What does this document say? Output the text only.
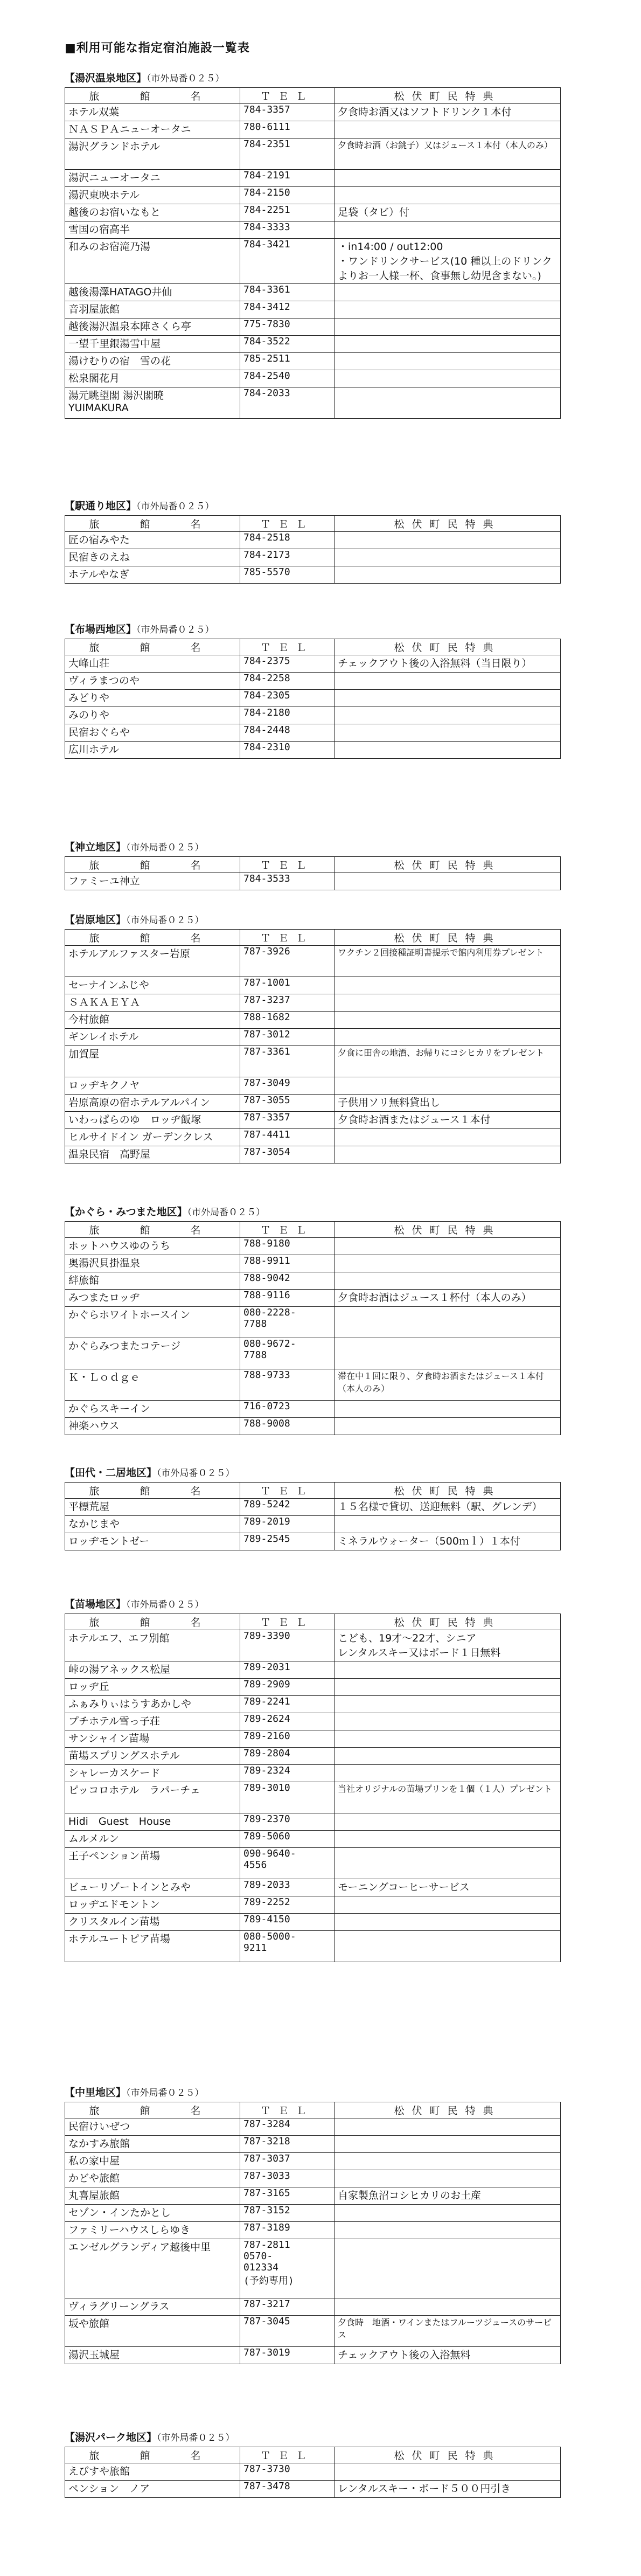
■利用可能な指定宿泊施設一覧表
【湯沢温泉地区】（市外局番０２５）
旅　館　名	ＴＥＬ	松伏町民特典
ホテル双葉	784-3357	夕食時お酒又はソフトドリンク１本付
ＮＡＳＰＡニューオータニ	780-6111	
湯沢グランドホテル	784-2351	夕食時お酒（お銚子）又はジュース１本付（本人のみ）
湯沢ニューオータニ	784-2191	
湯沢東映ホテル	784-2150	
越後のお宿いなもと	784-2251	足袋（タビ）付
雪国の宿高半	784-3333	
和みのお宿滝乃湯	784-3421	・in14:00 / out12:00
・ワンドリンクサービス(10 種以上のドリンクよりお一人様一杯、食事無し幼児含まない。)
越後湯澤HATAGO井仙	784-3361	
音羽屋旅館	784-3412	
越後湯沢温泉本陣さくら亭	775-7830	
一望千里銀湯雪中屋	784-3522	
湯けむりの宿　雪の花	785-2511	
松泉閣花月	784-2540	
湯元眺望閣 湯沢閣暁
YUIMAKURA	784-2033	
【駅通り地区】（市外局番０２５）
旅　館　名	ＴＥＬ	松伏町民特典
匠の宿みやた	784-2518	
民宿きのえね	784-2173	
ホテルやなぎ	785-5570	
【布場西地区】（市外局番０２５）
旅　館　名	ＴＥＬ	松伏町民特典
大峰山荘	784-2375	チェックアウト後の入浴無料（当日限り）
ヴィラまつのや	784-2258	
みどりや	784-2305	
みのりや	784-2180	
民宿おぐらや	784-2448	
広川ホテル	784-2310	
【神立地区】（市外局番０２５）
旅　館　名	ＴＥＬ	松伏町民特典
ファミーユ神立	784-3533	
【岩原地区】（市外局番０２５）
旅　館　名	ＴＥＬ	松伏町民特典
ホテルアルファスター岩原	787-3926	ワクチン２回接種証明書提示で館内利用券プレゼント
セーナインふじや	787-1001	
ＳＡＫＡＥＹＡ	787-3237	
今村旅館	788-1682	
ギンレイホテル	787-3012	
加賀屋	787-3361	夕食に田舎の地酒、お帰りにコシヒカリをプレゼント
ロッヂキクノヤ	787-3049	
岩原高原の宿ホテルアルパイン	787-3055	子供用ソリ無料貸出し
いわっぱらのゆ　ロッヂ飯塚	787-3357	夕食時お酒またはジュース１本付
ヒルサイドイン ガーデンクレス	787-4411	
温泉民宿　高野屋	787-3054	
【かぐら・みつまた地区】（市外局番０２５）
旅　館　名	ＴＥＬ	松伏町民特典
ホットハウスゆのうち	788-9180	
奥湯沢貝掛温泉	788-9911	
絆旅館	788-9042	
みつまたロッヂ	788-9116	夕食時お酒はジュース１杯付（本人のみ）
かぐらホワイトホースイン	080-2228-
7788	
かぐらみつまたコテージ	080-9672-
7788	
Ｋ・Ｌｏｄｇｅ	788-9733	滞在中１回に限り、夕食時お酒またはジュース１本付（本人のみ）
かぐらスキーイン	716-0723	
神楽ハウス	788-9008	
【田代・二居地区】（市外局番０２５）
旅　館　名	ＴＥＬ	松伏町民特典
平標荒屋	789-5242	１５名様で貸切、送迎無料（駅、グレンデ）
なかじまや	789-2019	
ロッヂモントゼー	789-2545	ミネラルウォーター（500ｍｌ）１本付
【苗場地区】（市外局番０２５）
旅　館　名	ＴＥＬ	松伏町民特典
ホテルエフ、エフ別館	789-3390	こども、19才～22才、シニア
レンタルスキー又はボード１日無料
峠の湯アネックス松屋	789-2031	
ロッヂ丘	789-2909	
ふぁみりぃはうすあかしや	789-2241	
プチホテル雪っ子荘	789-2624	
サンシャイン苗場	789-2160	
苗場スプリングスホテル	789-2804	
シャレーカスケード	789-2324	
ピッコロホテル　ラパーチェ	789-3010	当社オリジナルの苗場プリンを１個（１人）プレゼント
Hidi　Guest　House	789-2370	
ムルメルン	789-5060	
王子ペンション苗場	090-9640-
4556	
ビューリゾートインとみや	789-2033	モーニングコーヒーサービス
ロッヂエドモントン	789-2252	
クリスタルイン苗場	789-4150	
ホテルユートピア苗場	080-5000-
9211	
【中里地区】（市外局番０２５）
旅　館　名	ＴＥＬ	松伏町民特典
民宿けいぜつ	787-3284	
なかすみ旅館	787-3218	
私の家中屋	787-3037	
かどや旅館	787-3033	
丸喜屋旅館	787-3165	自家製魚沼コシヒカリのお土産
セゾン・インたかとし	787-3152	
ファミリーハウスしらゆき	787-3189	
エンゼルグランディア越後中里	787-2811
0570-
012334
(予約専用)	
ヴィラグリーングラス	787-3217	
坂や旅館	787-3045	夕食時　地酒・ワインまたはフルーツジュースのサービス
湯沢玉城屋	787-3019	チェックアウト後の入浴無料
【湯沢パーク地区】（市外局番０２５）
旅　館　名	ＴＥＬ	松伏町民特典
えびすや旅館	787-3730	
ペンション　ノア	787-3478	レンタルスキー・ボード５００円引き
